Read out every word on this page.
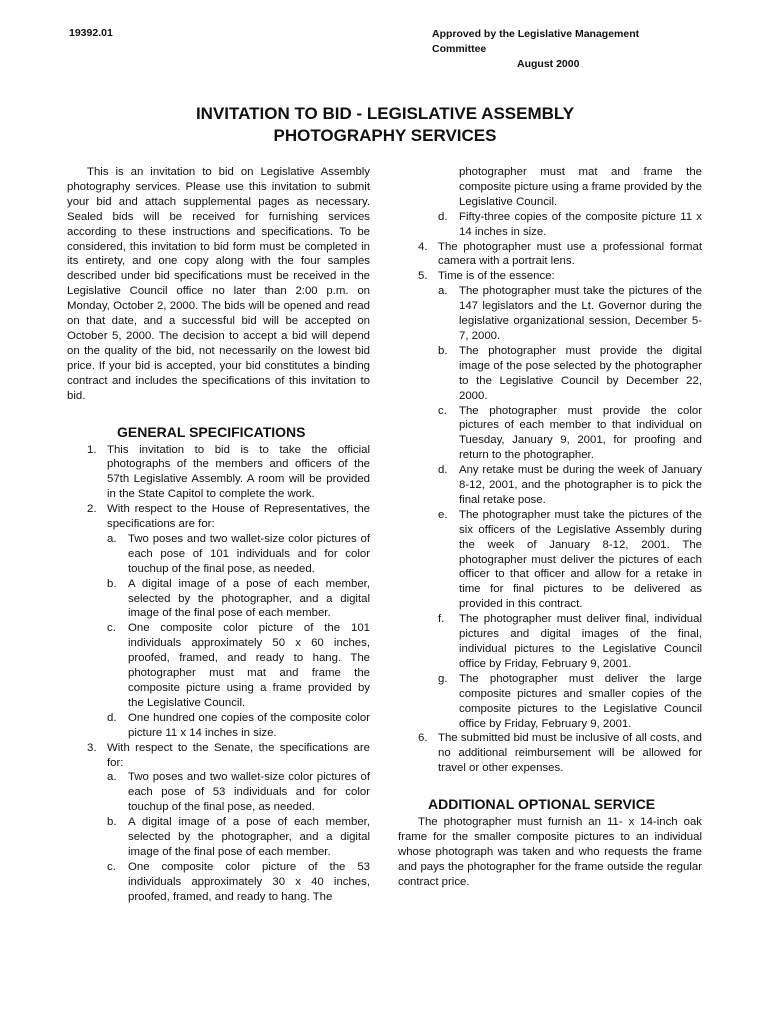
19392.01	Approved by the Legislative Management
Committee
August 2000
INVITATION TO BID - LEGISLATIVE ASSEMBLY
PHOTOGRAPHY SERVICES

This is an invitation to bid on Legislative Assembly photography services. Please use this invitation to submit your bid and attach supplemental pages as necessary. Sealed bids will be received for furnishing services according to these instructions and specifications. To be considered, this invitation to bid form must be completed in its entirety, and one copy along with the four samples described under bid specifications must be received in the Legislative Council office no later than 2:00 p.m. on Monday, October 2, 2000. The bids will be opened and read on that date, and a successful bid will be accepted on October 5, 2000. The decision to accept a bid will depend on the quality of the bid, not necessarily on the lowest bid price. If your bid is accepted, your bid constitutes a binding contract and includes the specifications of this invitation to bid.

GENERAL SPECIFICATIONS
1. This invitation to bid is to take the official photographs of the members and officers of the 57th Legislative Assembly. A room will be provided in the State Capitol to complete the work.

2. With respect to the House of Representatives, the specifications are for:

a. Two poses and two wallet-size color pictures of each pose of 101 individuals and for color touchup of the final pose, as needed.

b. A digital image of a pose of each member, selected by the photographer, and a digital image of the final pose of each member.

c. One composite color picture of the 101 individuals approximately 50 x 60 inches, proofed, framed, and ready to hang. The photographer must mat and frame the composite picture using a frame provided by the Legislative Council.

d. One hundred one copies of the composite color picture 11 x 14 inches in size.

3. With respect to the Senate, the specifications are for:

a. Two poses and two wallet-size color pictures of each pose of 53 individuals and for color touchup of the final pose, as needed.

b. A digital image of a pose of each member, selected by the photographer, and a digital image of the final pose of each member.

c. One composite color picture of the 53 individuals approximately 30 x 40 inches, proofed, framed, and ready to hang. The

photographer must mat and frame the composite picture using a frame provided by the Legislative Council.

d. Fifty-three copies of the composite picture 11 x 14 inches in size.

4. The photographer must use a professional format camera with a portrait lens.

5. Time is of the essence:

a. The photographer must take the pictures of the 147 legislators and the Lt. Governor during the legislative organizational session, December 5-7, 2000.

b. The photographer must provide the digital image of the pose selected by the photographer to the Legislative Council by December 22, 2000.

c. The photographer must provide the color pictures of each member to that individual on Tuesday, January 9, 2001, for proofing and return to the photographer.

d. Any retake must be during the week of January 8-12, 2001, and the photographer is to pick the final retake pose.

e. The photographer must take the pictures of the six officers of the Legislative Assembly during the week of January 8-12, 2001. The photographer must deliver the pictures of each officer to that officer and allow for a retake in time for final pictures to be delivered as provided in this contract.

f. The photographer must deliver final, individual pictures and digital images of the final, individual pictures to the Legislative Council office by Friday, February 9, 2001.

g. The photographer must deliver the large composite pictures and smaller copies of the composite pictures to the Legislative Council office by Friday, February 9, 2001.

6. The submitted bid must be inclusive of all costs, and no additional reimbursement will be allowed for travel or other expenses.

ADDITIONAL OPTIONAL SERVICE

The photographer must furnish an 11- x 14-inch oak frame for the smaller composite pictures to an individual whose photograph was taken and who requests the frame and pays the photographer for the frame outside the regular contract price.
